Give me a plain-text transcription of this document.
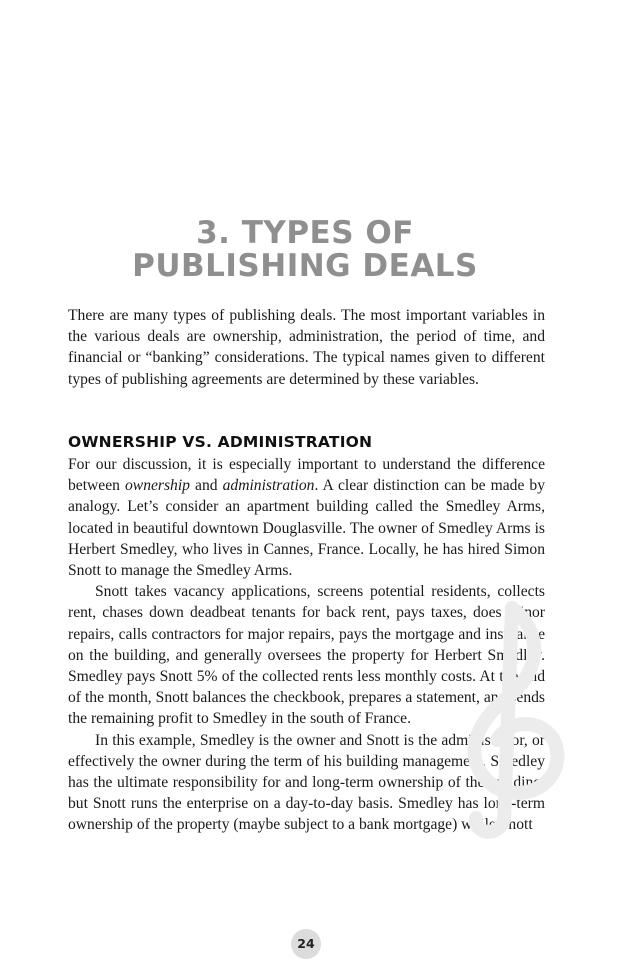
3. TYPES OF
PUBLISHING DEALS

There are many types of publishing deals. The most important variables in the various deals are ownership, administration, the period of time, and financial or “banking” considerations. The typical names given to different types of publishing agreements are determined by these variables.

OWNERSHIP VS. ADMINISTRATION

For our discussion, it is especially important to understand the difference between ownership and administration. A clear distinction can be made by analogy. Let’s consider an apartment building called the Smedley Arms, located in beautiful downtown Douglasville. The owner of Smedley Arms is Herbert Smedley, who lives in Cannes, France. Locally, he has hired Simon Snott to manage the Smedley Arms.

Snott takes vacancy applications, screens potential residents, collects rent, chases down deadbeat tenants for back rent, pays taxes, does minor repairs, calls contractors for major repairs, pays the mortgage and insurance on the building, and generally oversees the property for Herbert Smedley. Smedley pays Snott 5% of the collected rents less monthly costs. At the end of the month, Snott balances the checkbook, prepares a statement, and sends the remaining profit to Smedley in the south of France.

In this example, Smedley is the owner and Snott is the administrator, or effectively the owner during the term of his building management. Smedley has the ultimate responsibility for and long-term ownership of the building, but Snott runs the enterprise on a day-to-day basis. Smedley has long-term ownership of the property (maybe subject to a bank mortgage) while Snott

24
